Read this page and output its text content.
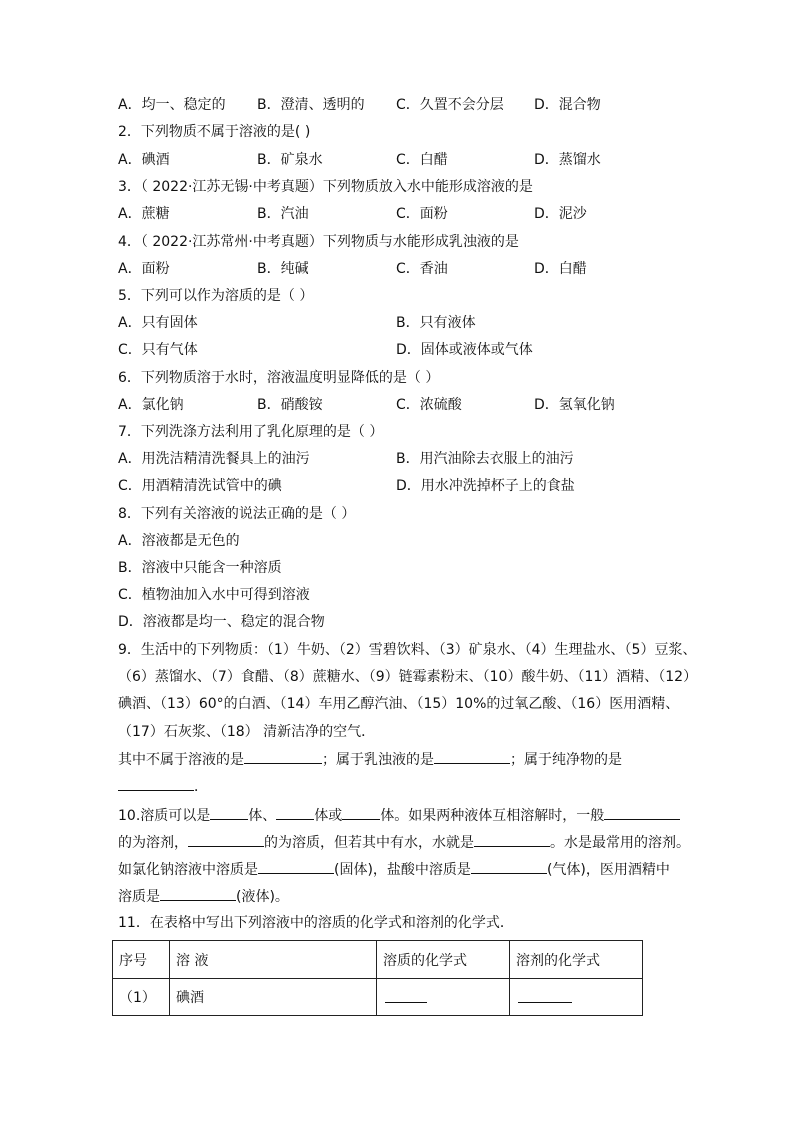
A．均一、稳定的 B．澄清、透明的 C．久置不会分层 D．混合物
2．下列物质不属于溶液的是( )
A．碘酒	B．矿泉水	C．白醋	D．蒸馏水
3．（ 2022·江苏无锡·中考真题）下列物质放入水中能形成溶液的是
A．蔗糖	B．汽油	C．面粉	D．泥沙
4．（ 2022·江苏常州·中考真题）下列物质与水能形成乳浊液的是
A．面粉	B．纯碱	C．香油	D．白醋
5．下列可以作为溶质的是（ ）
A．只有固体	B．只有液体
C．只有气体	D．固体或液体或气体
6．下列物质溶于水时，溶液温度明显降低的是（ ）
A．氯化钠	B．硝酸铵	C．浓硫酸	D．氢氧化钠
7．下列洗涤方法利用了乳化原理的是（ ）
A．用洗洁精清洗餐具上的油污	B．用汽油除去衣服上的油污
C．用酒精清洗试管中的碘	D．用水冲洗掉杯子上的食盐
8．下列有关溶液的说法正确的是（ ）
A．溶液都是无色的
B．溶液中只能含一种溶质
C．植物油加入水中可得到溶液
D．溶液都是均一、稳定的混合物
9．生活中的下列物质：（1）牛奶、（2）雪碧饮料、（3）矿泉水、（4）生理盐水、（5）豆浆、
（6）蒸馏水、（7）食醋、（8）蔗糖水、（9）链霉素粉末、（10）酸牛奶、（11）酒精、（12）
碘酒、（13）60°的白酒、（14）车用乙醇汽油、（15）10%的过氧乙酸、（16）医用酒精、
（17）石灰浆、（18） 清新洁净的空气．
其中不属于溶液的是	；属于乳浊液的是	；属于纯净物的是
．
10.溶质可以是	体、	体或	体。如果两种液体互相溶解时，一般
的为溶剂，	的为溶质，但若其中有水，水就是	。水是最常用的溶剂。
如氯化钠溶液中溶质是	(固体)，盐酸中溶质是	(气体)，医用酒精中
溶质是	(液体)。
11．在表格中写出下列溶液中的溶质的化学式和溶剂的化学式．
序号	溶 液	溶质的化学式	溶剂的化学式
（1）	碘酒		
